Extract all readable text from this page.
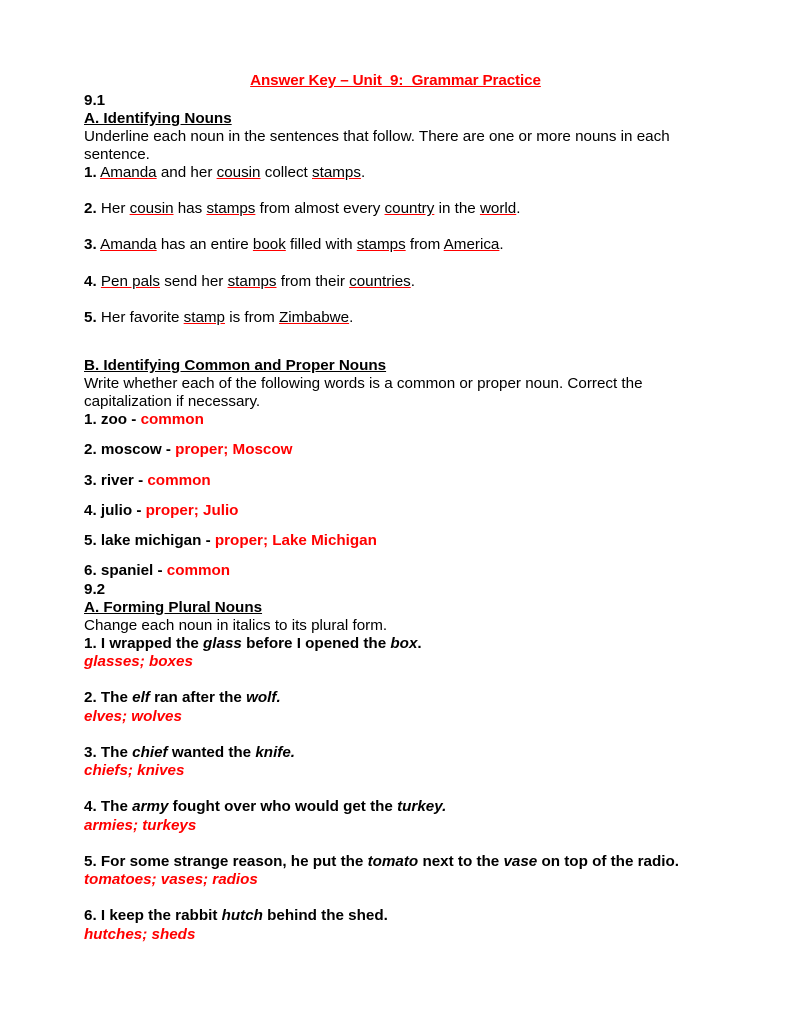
Answer Key – Unit  9:  Grammar Practice
9.1
A. Identifying Nouns
Underline each noun in the sentences that follow. There are one or more nouns in each sentence.
1. Amanda and her cousin collect stamps.
2. Her cousin has stamps from almost every country in the world.
3. Amanda has an entire book filled with stamps from America.
4. Pen pals send her stamps from their countries.
5. Her favorite stamp is from Zimbabwe.

B. Identifying Common and Proper Nouns
Write whether each of the following words is a common or proper noun. Correct the capitalization if necessary.
1. zoo - common
2. moscow - proper; Moscow
3. river - common
4. julio - proper; Julio
5. lake michigan - proper; Lake Michigan
6. spaniel - common
9.2
A. Forming Plural Nouns
Change each noun in italics to its plural form.
1. I wrapped the glass before I opened the box.
glasses; boxes
2. The elf ran after the wolf.
elves; wolves
3. The chief wanted the knife.
chiefs; knives
4. The army fought over who would get the turkey.
armies; turkeys
5. For some strange reason, he put the tomato next to the vase on top of the radio.
tomatoes; vases; radios
6. I keep the rabbit hutch behind the shed.
hutches; sheds
